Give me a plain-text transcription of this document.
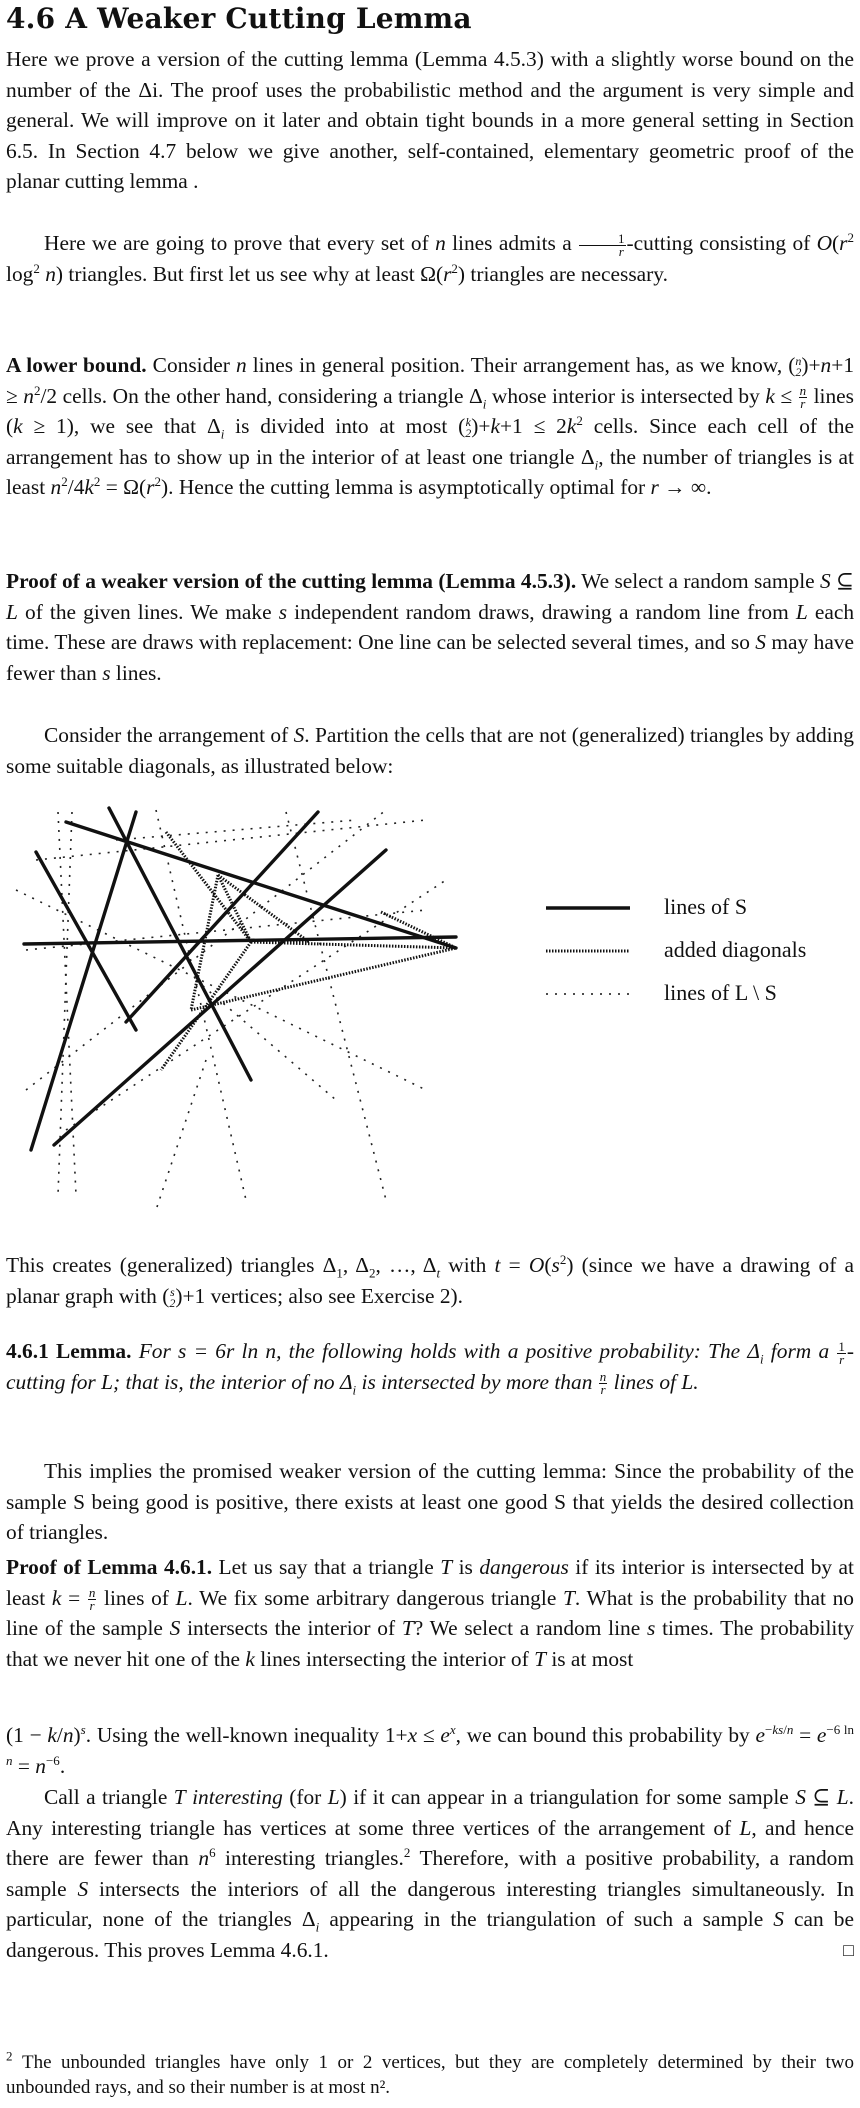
4.6 A Weaker Cutting Lemma

Here we prove a version of the cutting lemma (Lemma 4.5.3) with a slightly worse bound on the number of the Δi. The proof uses the probabilistic method and the argument is very simple and general. We will improve on it later and obtain tight bounds in a more general setting in Section 6.5. In Section 4.7 below we give another, self-contained, elementary geometric proof of the planar cutting lemma .

Here we are going to prove that every set of n lines admits a $\frac{1}{r}$ -cutting consisting of $O(r^2$ $\log^2 n$) triangles. But first let us see why at least $\Omega(r^2)$ triangles are necessary.

A lower bound. Consider n lines in general position. Their arrangement has, as we know, ( n
2 )$+n+1 \ge n^2/2$ cells. On the other hand, considering a triangle $\Delta_i$ whose interior is intersected by $k \le \frac{n}{r}$ lines (k ≥ 1), we see that $\Delta_i$ is divided into at most ( k
2 )$+k+1 \le 2k^2$ cells. Since each cell of the arrangement has to show up in the interior of at least one triangle $\Delta_i$, the number of triangles is at least $n^2/4k^2 = \Omega(r^2)$. Hence the cutting lemma is asymptotically optimal for r → ∞.

Proof of a weaker version of the cutting lemma (Lemma 4.5.3). We select a random sample S ⊆ L of the given lines. We make s independent random draws, drawing a random line from L each time. These are draws with replacement: One line can be selected several times, and so S may have fewer than s lines.

Consider the arrangement of S. Partition the cells that are not (generalized) triangles by adding some suitable diagonals, as illustrated below:

lines of S
added diagonals
lines of L \ S

This creates (generalized) triangles $\Delta_1$, $\Delta_2$, …, $\Delta_t$ with $t = O(s^2)$ (since we have a drawing of a planar graph with ( s
2 )+1 vertices; also see Exercise 2).

4.6.1 Lemma. For s = 6r ln n, the following holds with a positive probability: The $\Delta_i$ form a $\frac{1}{r}$ -cutting for L; that is, the interior of no $\Delta_i$ is intersected by more than $\frac{n}{r}$ lines of L.

This implies the promised weaker version of the cutting lemma: Since the probability of the sample S being good is positive, there exists at least one good S that yields the desired collection of triangles.

Proof of Lemma 4.6.1. Let us say that a triangle T is dangerous if its interior is intersected by at least $k = \frac{n}{r}$ lines of L. We fix some arbitrary dangerous triangle T. What is the probability that no line of the sample S intersects the interior of T? We select a random line s times. The probability that we never hit one of the k lines intersecting the interior of T is at most

$(1 - k/n)^s$. Using the well-known inequality $1+x \le e^x$, we can bound this probability by $e^{-ks/n} = e^{-6 ln n} = n^{-6}$.

Call a triangle T interesting (for L) if it can appear in a triangulation for some sample S ⊆ L. Any interesting triangle has vertices at some three vertices of the arrangement of L, and hence there are fewer than $n^6$ interesting triangles.$^2$ Therefore, with a positive probability, a random sample S intersects the interiors of all the dangerous interesting triangles simultaneously. In particular, none of the triangles $\Delta_i$ appearing in the triangulation of such a sample S can be dangerous. This proves Lemma 4.6.1.	□

$^2$ The unbounded triangles have only 1 or 2 vertices, but they are completely determined by their two unbounded rays, and so their number is at most n².
